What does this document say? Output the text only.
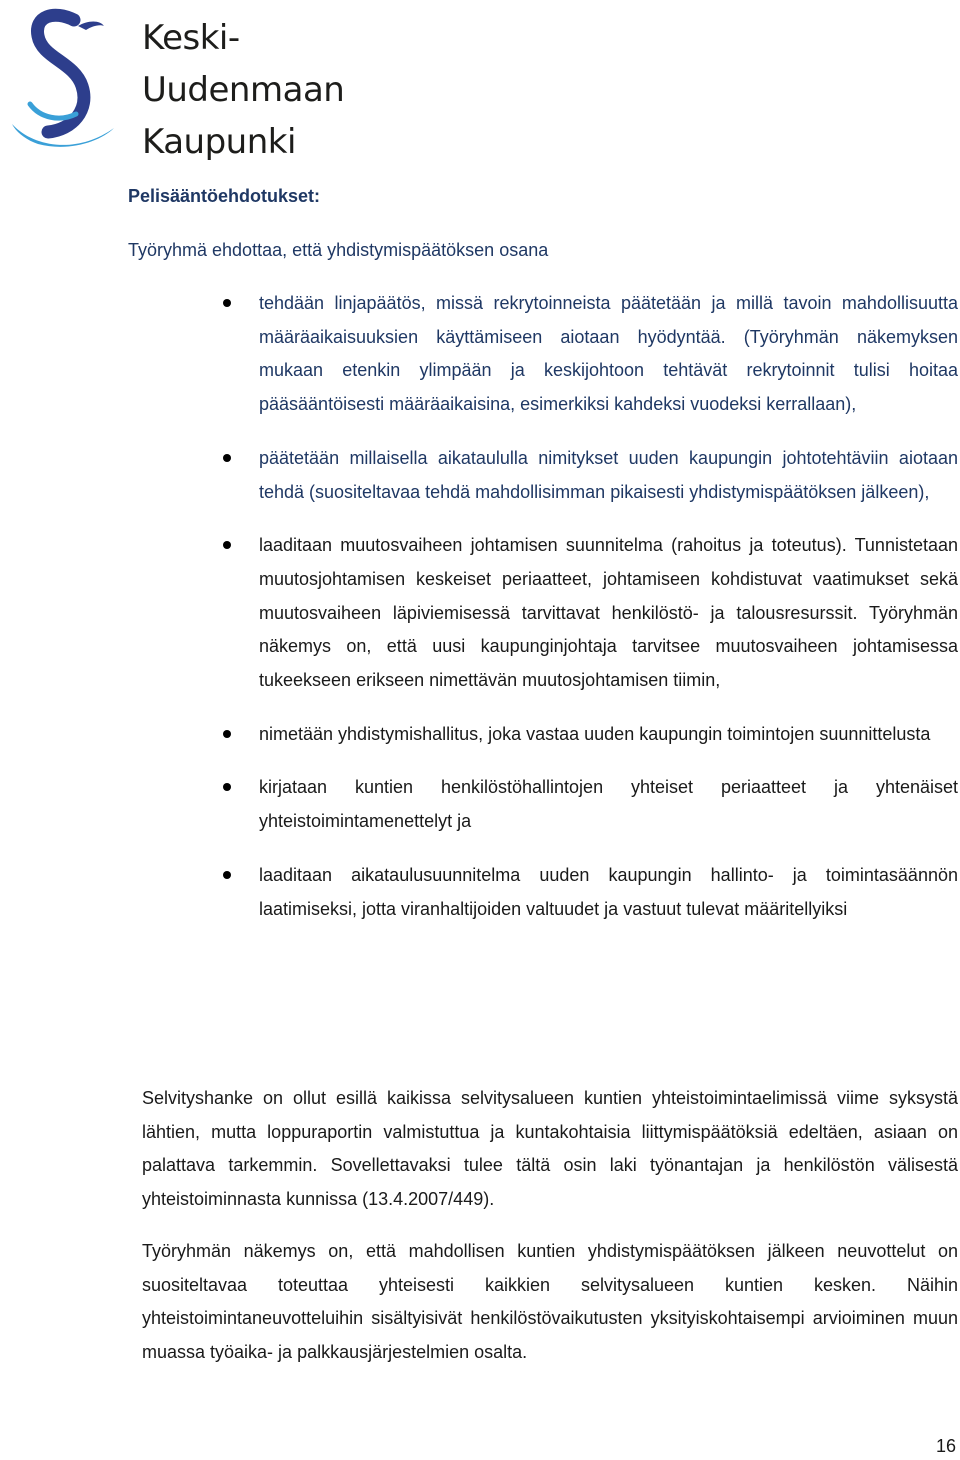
Keski-
Uudenmaan
Kaupunki
Pelisääntöehdotukset:
Työryhmä ehdottaa, että yhdistymispäätöksen osana
tehdään linjapäätös, missä rekrytoinneista päätetään ja millä tavoin mahdollisuutta määräaikaisuuksien käyttämiseen aiotaan hyödyntää. (Työryhmän näkemyksen mukaan etenkin ylimpään ja keskijohtoon tehtävät rekrytoinnit tulisi hoitaa pääsääntöisesti määräaikaisina, esimerkiksi kahdeksi vuodeksi kerrallaan),
päätetään millaisella aikataululla nimitykset uuden kaupungin johtotehtäviin aiotaan tehdä (suositeltavaa tehdä mahdollisimman pikaisesti yhdistymispäätöksen jälkeen),
laaditaan muutosvaiheen johtamisen suunnitelma (rahoitus ja toteutus). Tunnistetaan muutosjohtamisen keskeiset periaatteet, johtamiseen kohdistuvat vaatimukset sekä muutosvaiheen läpiviemisessä tarvittavat henkilöstö- ja talousresurssit. Työryhmän näkemys on, että uusi kaupunginjohtaja tarvitsee muutosvaiheen johtamisessa tukeekseen erikseen nimettävän muutosjohtamisen tiimin,
nimetään yhdistymishallitus, joka vastaa uuden kaupungin toimintojen suunnittelusta
kirjataan kuntien henkilöstöhallintojen yhteiset periaatteet ja yhtenäiset yhteistoimintamenettelyt ja
laaditaan aikataulusuunnitelma uuden kaupungin hallinto- ja toimintasäännön laatimiseksi, jotta viranhaltijoiden valtuudet ja vastuut tulevat määritellyiksi

Selvityshanke on ollut esillä kaikissa selvitysalueen kuntien yhteistoimintaelimissä viime syksystä lähtien, mutta loppuraportin valmistuttua ja kuntakohtaisia liittymispäätöksiä edeltäen, asiaan on palattava tarkemmin. Sovellettavaksi tulee tältä osin laki työnantajan ja henkilöstön välisestä yhteistoiminnasta kunnissa (13.4.2007/449).

Työryhmän näkemys on, että mahdollisen kuntien yhdistymispäätöksen jälkeen neuvottelut on suositeltavaa toteuttaa yhteisesti kaikkien selvitysalueen kuntien kesken. Näihin yhteistoimintaneuvotteluihin sisältyisivät henkilöstövaikutusten yksityiskohtaisempi arvioiminen muun muassa työaika- ja palkkausjärjestelmien osalta.

16
